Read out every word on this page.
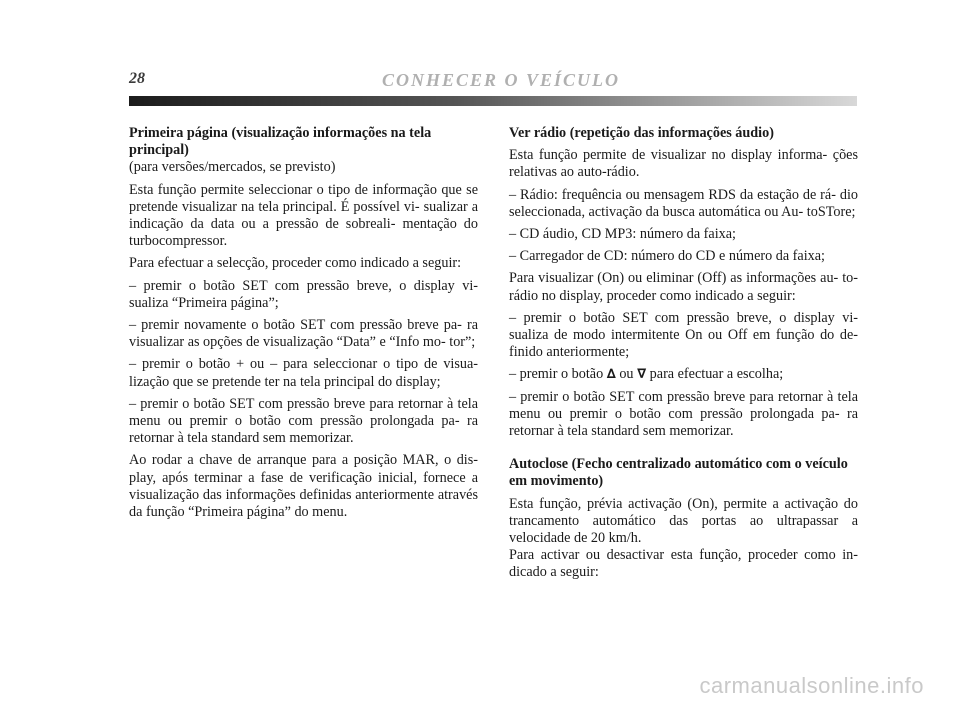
28	CONHECER O VEÍCULO
Primeira página (visualização informações na tela principal)

(para versões/mercados, se previsto)

Esta função permite seleccionar o tipo de informação que se pretende visualizar na tela principal. É possível vi- sualizar a indicação da data ou a pressão de sobreali- mentação do turbocompressor.

Para efectuar a selecção, proceder como indicado a seguir:

– premir o botão SET com pressão breve, o display vi- sualiza “Primeira página”;

– premir novamente o botão SET com pressão breve pa- ra visualizar as opções de visualização “Data” e “Info mo- tor”;

– premir o botão + ou – para seleccionar o tipo de visua- lização que se pretende ter na tela principal do display;

– premir o botão SET com pressão breve para retornar à tela menu ou premir o botão com pressão prolongada pa- ra retornar à tela standard sem memorizar.

Ao rodar a chave de arranque para a posição MAR, o dis- play, após terminar a fase de verificação inicial, fornece a visualização das informações definidas anteriormente através da função “Primeira página” do menu.

Ver rádio (repetição das informações áudio)

Esta função permite de visualizar no display informa- ções relativas ao auto-rádio.

– Rádio: frequência ou mensagem RDS da estação de rá- dio seleccionada, activação da busca automática ou Au- toSTore;

– CD áudio, CD MP3: número da faixa;

– Carregador de CD: número do CD e número da faixa;

Para visualizar (On) ou eliminar (Off) as informações au- to-rádio no display, proceder como indicado a seguir:

– premir o botão SET com pressão breve, o display vi- sualiza de modo intermitente On ou Off em função do de- finido anteriormente;

– premir o botão ∆ ou ∇ para efectuar a escolha;

– premir o botão SET com pressão breve para retornar à tela menu ou premir o botão com pressão prolongada pa- ra retornar à tela standard sem memorizar.

Autoclose (Fecho centralizado automático com o veículo em movimento)

Esta função, prévia activação (On), permite a activação do trancamento automático das portas ao ultrapassar a velocidade de 20 km/h.

Para activar ou desactivar esta função, proceder como in- dicado a seguir:

carmanualsonline.info
